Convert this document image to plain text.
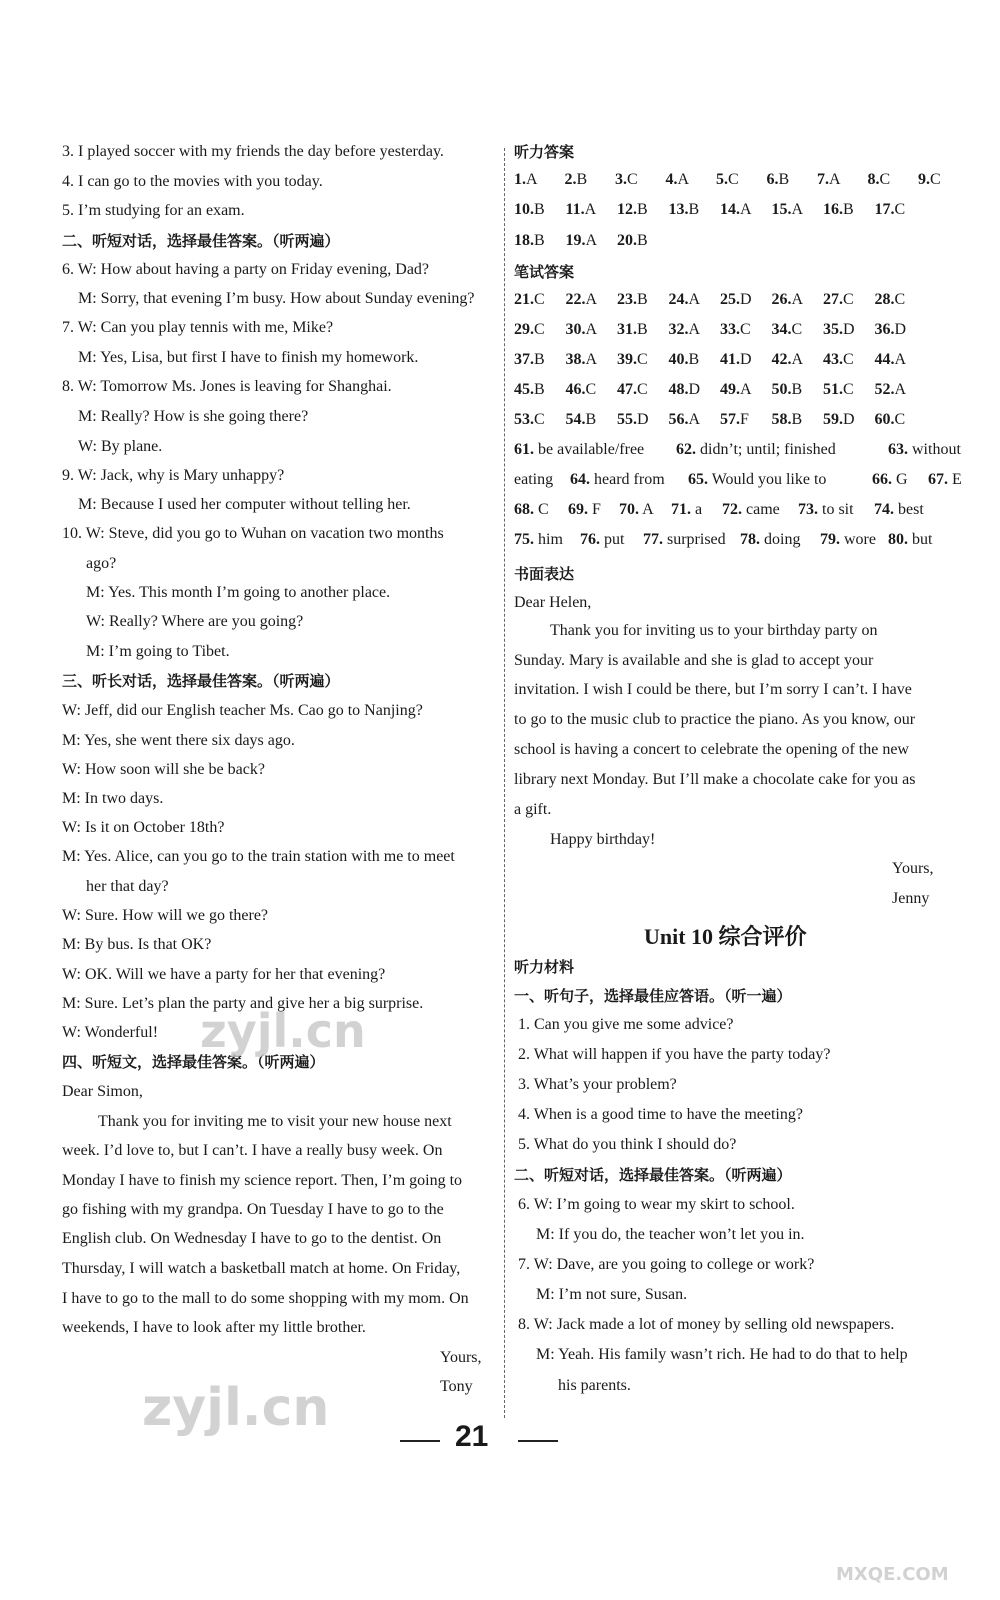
3. I played soccer with my friends the day before yesterday.
4. I can go to the movies with you today.
5. I’m studying for an exam.
二、听短对话，选择最佳答案。（听两遍）
6. W: How about having a party on Friday evening, Dad?
M: Sorry, that evening I’m busy. How about Sunday evening?
7. W: Can you play tennis with me, Mike?
M: Yes, Lisa, but first I have to finish my homework.
8. W: Tomorrow Ms. Jones is leaving for Shanghai.
M: Really? How is she going there?
W: By plane.
9. W: Jack, why is Mary unhappy?
M: Because I used her computer without telling her.
10. W: Steve, did you go to Wuhan on vacation two months
ago?
M: Yes. This month I’m going to another place.
W: Really? Where are you going?
M: I’m going to Tibet.
三、听长对话，选择最佳答案。（听两遍）
W: Jeff, did our English teacher Ms. Cao go to Nanjing?
M: Yes, she went there six days ago.
W: How soon will she be back?
M: In two days.
W: Is it on October 18th?
M: Yes. Alice, can you go to the train station with me to meet
her that day?
W: Sure. How will we go there?
M: By bus. Is that OK?
W: OK. Will we have a party for her that evening?
M: Sure. Let’s plan the party and give her a big surprise.
W: Wonderful!
四、听短文，选择最佳答案。（听两遍）
Dear Simon,
Thank you for inviting me to visit your new house next
week. I’d love to, but I can’t. I have a really busy week. On
Monday I have to finish my science report. Then, I’m going to
go fishing with my grandpa. On Tuesday I have to go to the
English club. On Wednesday I have to go to the dentist. On
Thursday, I will watch a basketball match at home. On Friday,
I have to go to the mall to do some shopping with my mom. On
weekends, I have to look after my little brother.
Yours,
Tony
听力答案
1.A 2.B 3.C 4.A 5.C 6.B 7.A 8.C 9.C
10.B 11.A 12.B 13.B 14.A 15.A 16.B 17.C
18.B 19.A 20.B
笔试答案
21.C 22.A 23.B 24.A 25.D 26.A 27.C 28.C
29.C 30.A 31.B 32.A 33.C 34.C 35.D 36.D
37.B 38.A 39.C 40.B 41.D 42.A 43.C 44.A
45.B 46.C 47.C 48.D 49.A 50.B 51.C 52.A
53.C 54.B 55.D 56.A 57.F 58.B 59.D 60.C
61. be available/free 62. didn’t; until; finished	63. without
eating 64. heard from 65. Would you like to	66. G 67. E
68. C 69. F 70. A 71. a 72. came 73. to sit 74. best
75. him 76. put 77. surprised 78. doing 79. wore 80. but
书面表达
Dear Helen,
Thank you for inviting us to your birthday party on
Sunday. Mary is available and she is glad to accept your
invitation. I wish I could be there, but I’m sorry I can’t. I have
to go to the music club to practice the piano. As you know, our
school is having a concert to celebrate the opening of the new
library next Monday. But I’ll make a chocolate cake for you as
a gift.
Happy birthday!
Yours,
Jenny
Unit 10 综合评价
听力材料
一、听句子，选择最佳应答语。（听一遍）
1. Can you give me some advice?
2. What will happen if you have the party today?
3. What’s your problem?
4. When is a good time to have the meeting?
5. What do you think I should do?
二、听短对话，选择最佳答案。（听两遍）
6. W: I’m going to wear my skirt to school.
M: If you do, the teacher won’t let you in.
7. W: Dave, are you going to college or work?
M: I’m not sure, Susan.
8. W: Jack made a lot of money by selling old newspapers.
M: Yeah. His family wasn’t rich. He had to do that to help
his parents.
21
zyjl.cn
zyjl.cn
MXQE.COM
